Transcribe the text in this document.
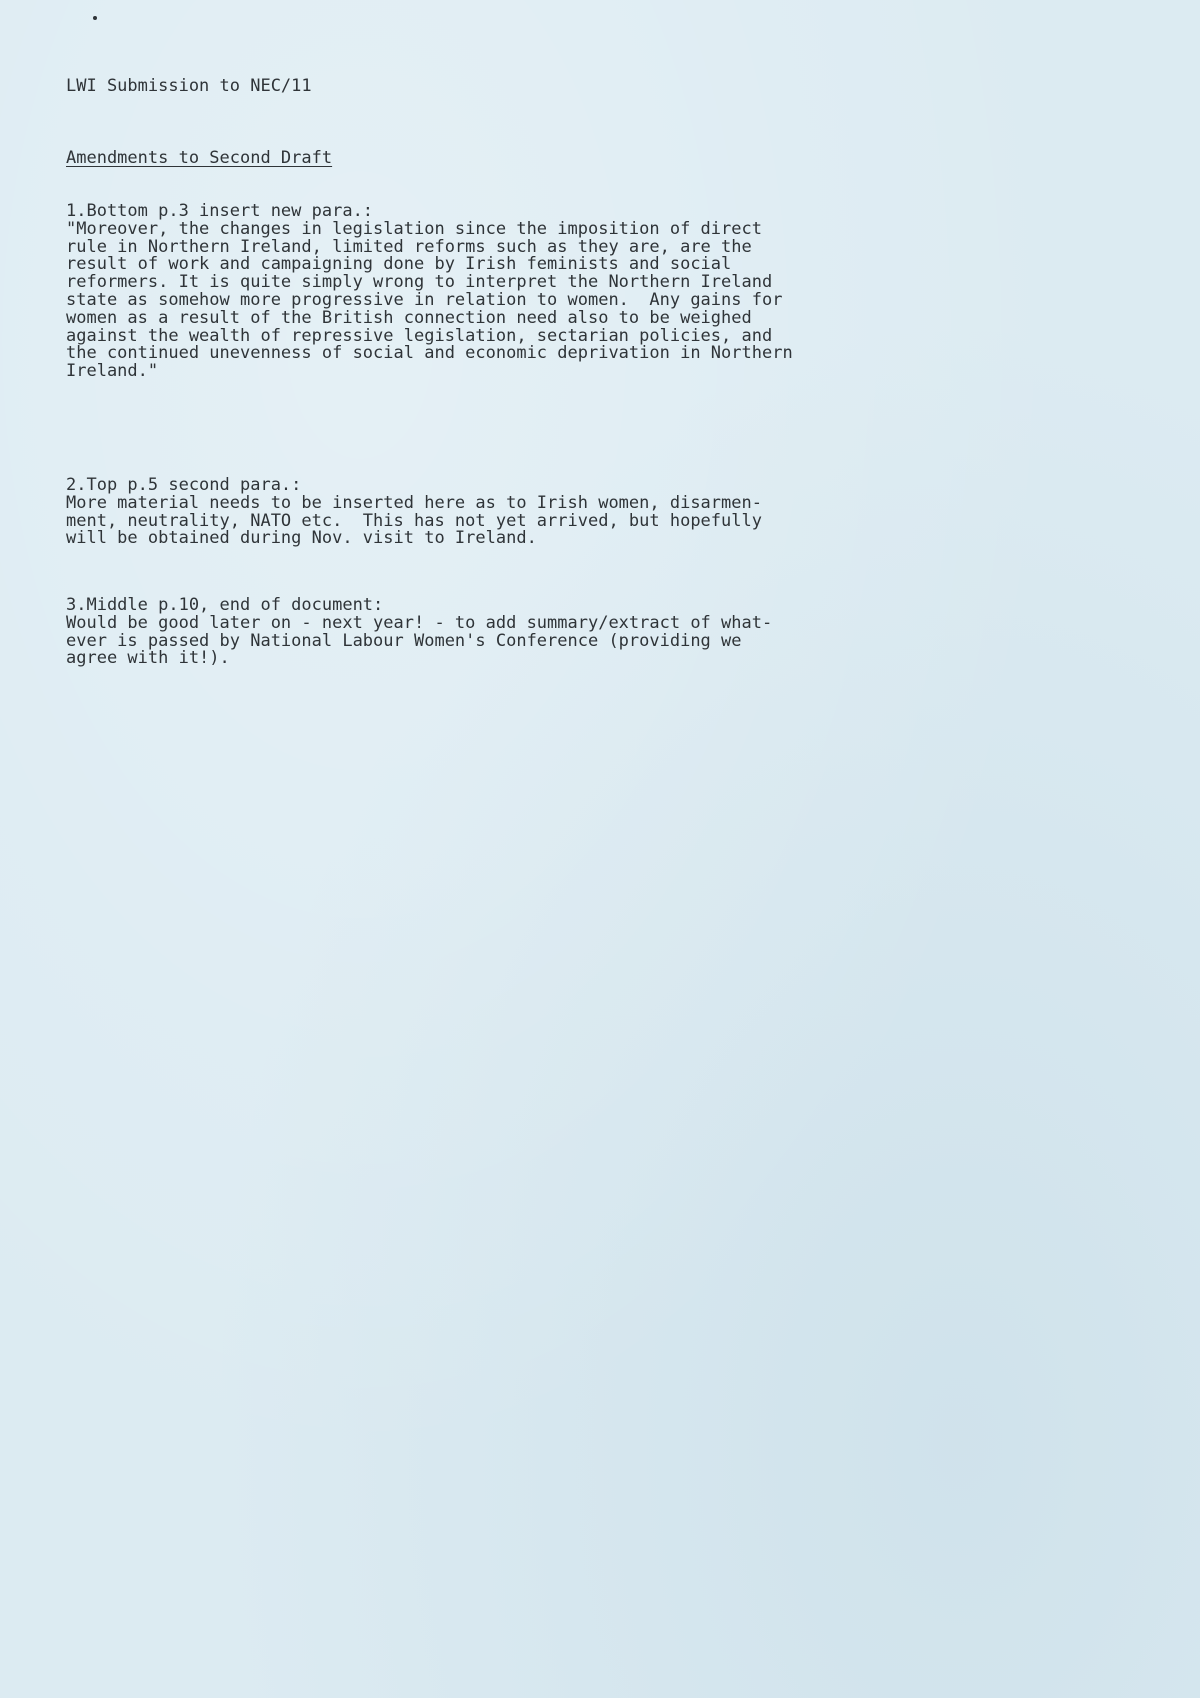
LWI Submission to NEC/11
Amendments to Second Draft
1.Bottom p.3 insert new para.:
"Moreover, the changes in legislation since the imposition of direct
rule in Northern Ireland, limited reforms such as they are, are the
result of work and campaigning done by Irish feminists and social
reformers. It is quite simply wrong to interpret the Northern Ireland
state as somehow more progressive in relation to women.  Any gains for
women as a result of the British connection need also to be weighed
against the wealth of repressive legislation, sectarian policies, and
the continued unevenness of social and economic deprivation in Northern
Ireland."
2.Top p.5 second para.:
More material needs to be inserted here as to Irish women, disarmen-
ment, neutrality, NATO etc.  This has not yet arrived, but hopefully
will be obtained during Nov. visit to Ireland.
3.Middle p.10, end of document:
Would be good later on - next year! - to add summary/extract of what-
ever is passed by National Labour Women's Conference (providing we
agree with it!).
